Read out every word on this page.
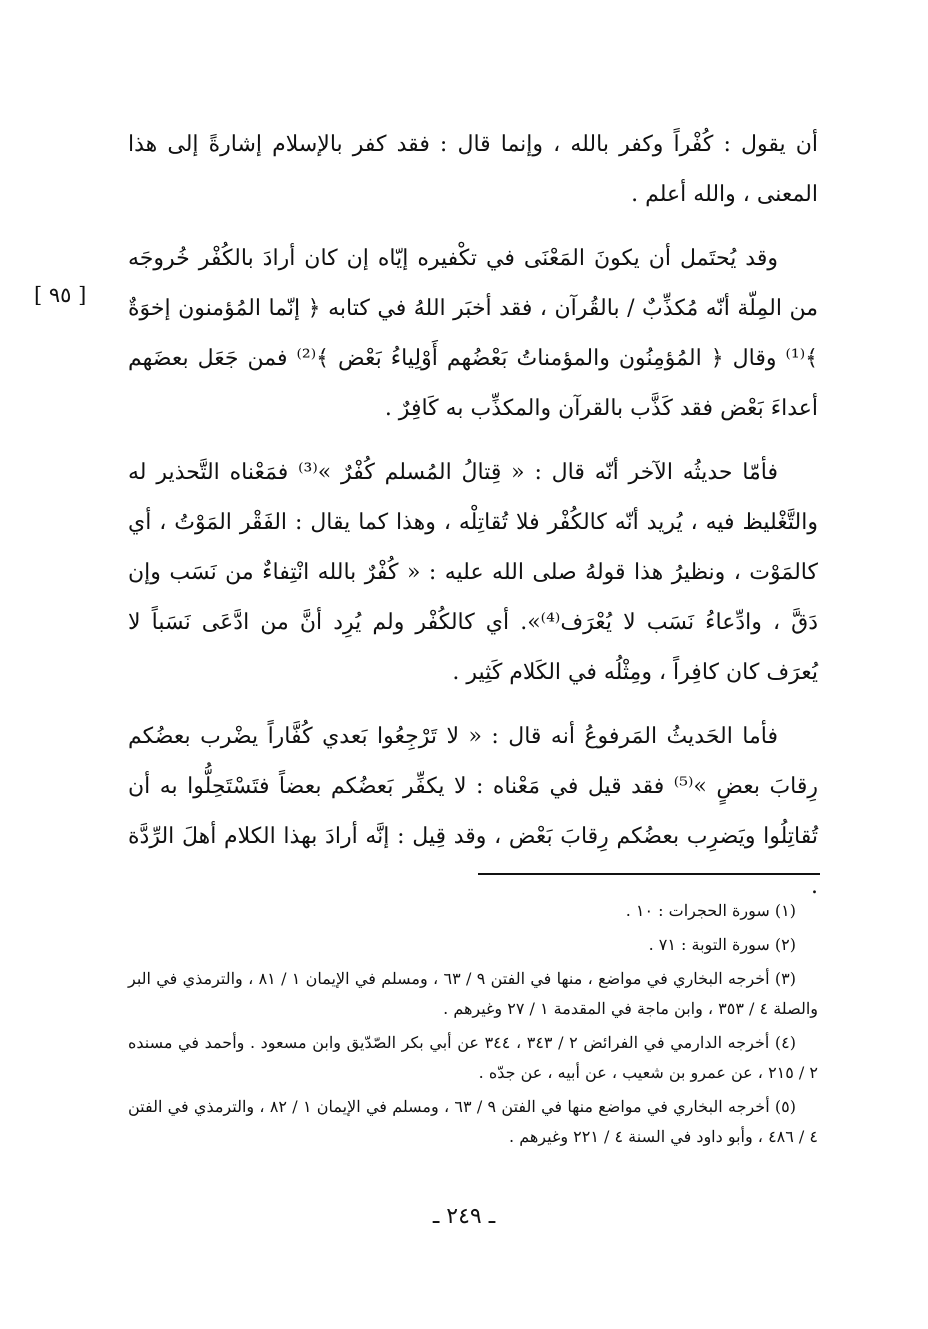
أن يقول : كُفْراً وكفر بالله ، وإنما قال : فقد كفر بالإسلام إشارةً إلى هذا المعنى ، والله أعلم .

وقد يُحتَمل أن يكونَ المَعْنَى في تكْفيره إيّاه إن كان أرادَ بالكُفْر خُروجَه من المِلّة أنّه مُكذِّبٌ / بالقُرآن ، فقد أخبَر اللهُ في كتابه ﴿ إنّما المُؤمنون إخوَةٌ ﴾⁽¹⁾ وقال ﴿ المُؤمِنُون والمؤمناتُ بَعْضُهم أَوْلِياءُ بَعْض ﴾⁽²⁾ فمن جَعَل بعضَهم أعداءَ بَعْض فقد كَذَّب بالقرآن والمكذِّب به كَافِرٌ .

فأمّا حديثُه الآخر أنّه قال : « قِتالُ المُسلم كُفْرٌ »⁽³⁾ فمَعْناه التَّحذير له والتَّغْليظ فيه ، يُريد أنّه كالكُفْر فلا تُقاتِلْه ، وهذا كما يقال : الفَقْر المَوْتُ ، أي كالمَوْت ، ونظيرُ هذا قولهُ صلى الله عليه : « كُفْرٌ بالله انْتِفاءٌ من نَسَب وإن دَقَّ ، وادِّعاءُ نَسَب لا يُعْرَف⁽⁴⁾». أي كالكُفْر ولم يُرِد أنَّ من ادَّعَى نَسَباً لا يُعرَف كان كافِراً ، ومِثْلُه في الكَلام كَثِير .

فأما الحَديثُ المَرفوعُ أنه قال : « لا تَرْجِعُوا بَعدي كُفَّاراً يضْرب بعضُكم رِقابَ بعضٍ »⁽⁵⁾ فقد قيل في مَعْناه : لا يكفِّر بَعضُكم بعضاً فتَسْتَحِلُّوا به أن تُقاتِلُوا ويَضرِب بعضُكم رِقابَ بَعْض ، وقد قِيل : إنَّه أرادَ بهذا الكلام أهلَ الرِّدَّة .

[ ٩٥ ]

(١) سورة الحجرات : ١٠ .

(٢) سورة التوبة : ٧١ .

(٣) أخرجه البخاري في مواضع ، منها في الفتن ٩ / ٦٣ ، ومسلم في الإيمان ١ / ٨١ ، والترمذي في البر والصلة ٤ / ٣٥٣ ، وابن ماجة في المقدمة ١ / ٢٧ وغيرهم .

(٤) أخرجه الدارمي في الفرائض ٢ / ٣٤٣ ، ٣٤٤ عن أبي بكر الصّدّيق وابن مسعود . وأحمد في مسنده ٢ / ٢١٥ ، عن عمرو بن شعيب ، عن أبيه ، عن جدّه .

(٥) أخرجه البخاري في مواضع منها في الفتن ٩ / ٦٣ ، ومسلم في الإيمان ١ / ٨٢ ، والترمذي في الفتن ٤ / ٤٨٦ ، وأبو داود في السنة ٤ / ٢٢١ وغيرهم .

ـ ٢٤٩ ـ
